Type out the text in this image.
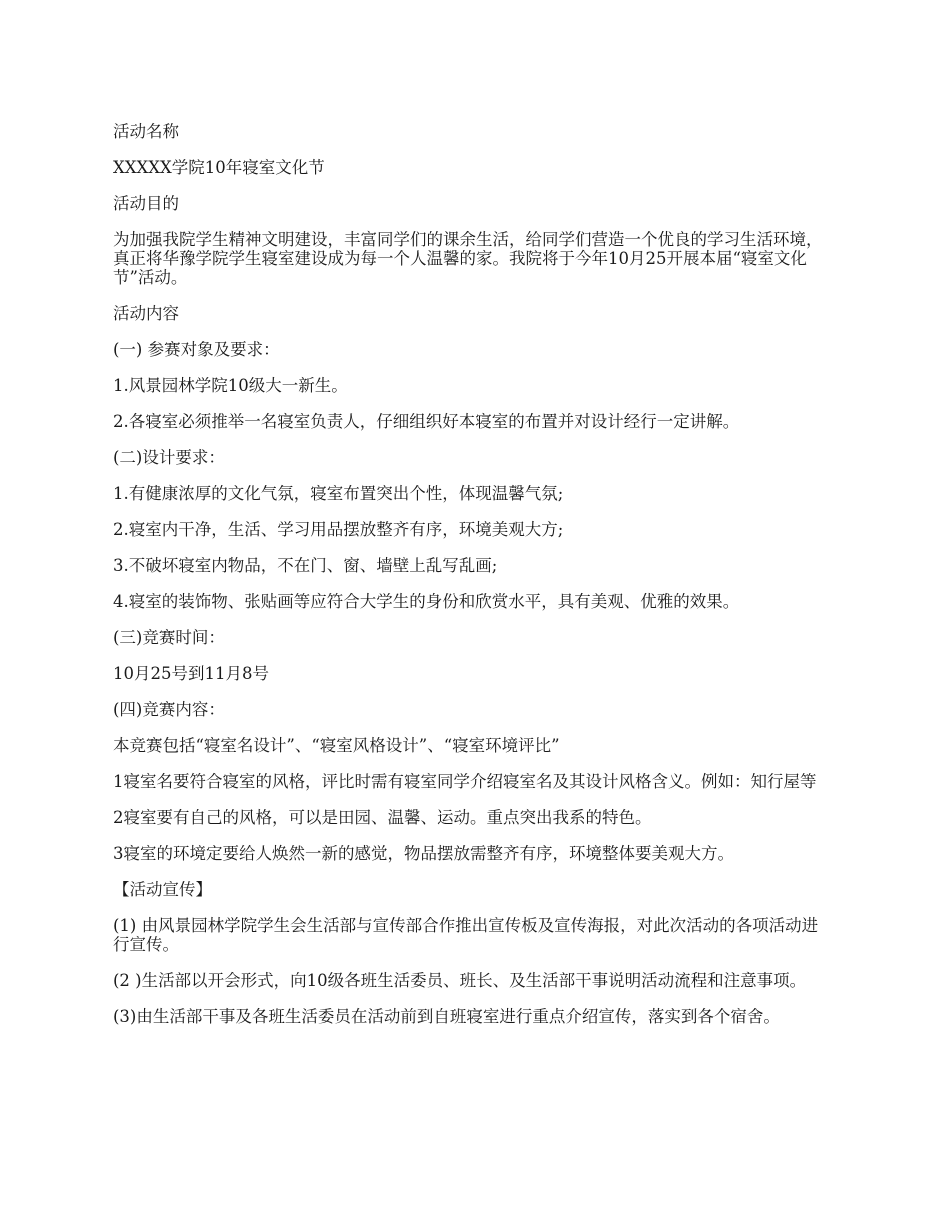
活动名称

XXXXX学院10年寝室文化节

活动目的

为加强我院学生精神文明建设，丰富同学们的课余生活，给同学们营造一个优良的学习生活环境，真正将华豫学院学生寝室建设成为每一个人温馨的家。我院将于今年10月25开展本届“寝室文化节”活动。

活动内容

(一) 参赛对象及要求：

1.风景园林学院10级大一新生。

2.各寝室必须推举一名寝室负责人，仔细组织好本寝室的布置并对设计经行一定讲解。

(二)设计要求：

1.有健康浓厚的文化气氛，寝室布置突出个性，体现温馨气氛;

2.寝室内干净，生活、学习用品摆放整齐有序，环境美观大方;

3.不破坏寝室内物品，不在门、窗、墙壁上乱写乱画;

4.寝室的装饰物、张贴画等应符合大学生的身份和欣赏水平，具有美观、优雅的效果。

(三)竞赛时间：

10月25号到11月8号

(四)竞赛内容：

本竞赛包括“寝室名设计”、“寝室风格设计”、“寝室环境评比”

1寝室名要符合寝室的风格，评比时需有寝室同学介绍寝室名及其设计风格含义。例如：知行屋等

2寝室要有自己的风格，可以是田园、温馨、运动。重点突出我系的特色。

3寝室的环境定要给人焕然一新的感觉，物品摆放需整齐有序，环境整体要美观大方。

【活动宣传】

(1) 由风景园林学院学生会生活部与宣传部合作推出宣传板及宣传海报，对此次活动的各项活动进行宣传。

(2 )生活部以开会形式，向10级各班生活委员、班长、及生活部干事说明活动流程和注意事项。

(3)由生活部干事及各班生活委员在活动前到自班寝室进行重点介绍宣传，落实到各个宿舍。
